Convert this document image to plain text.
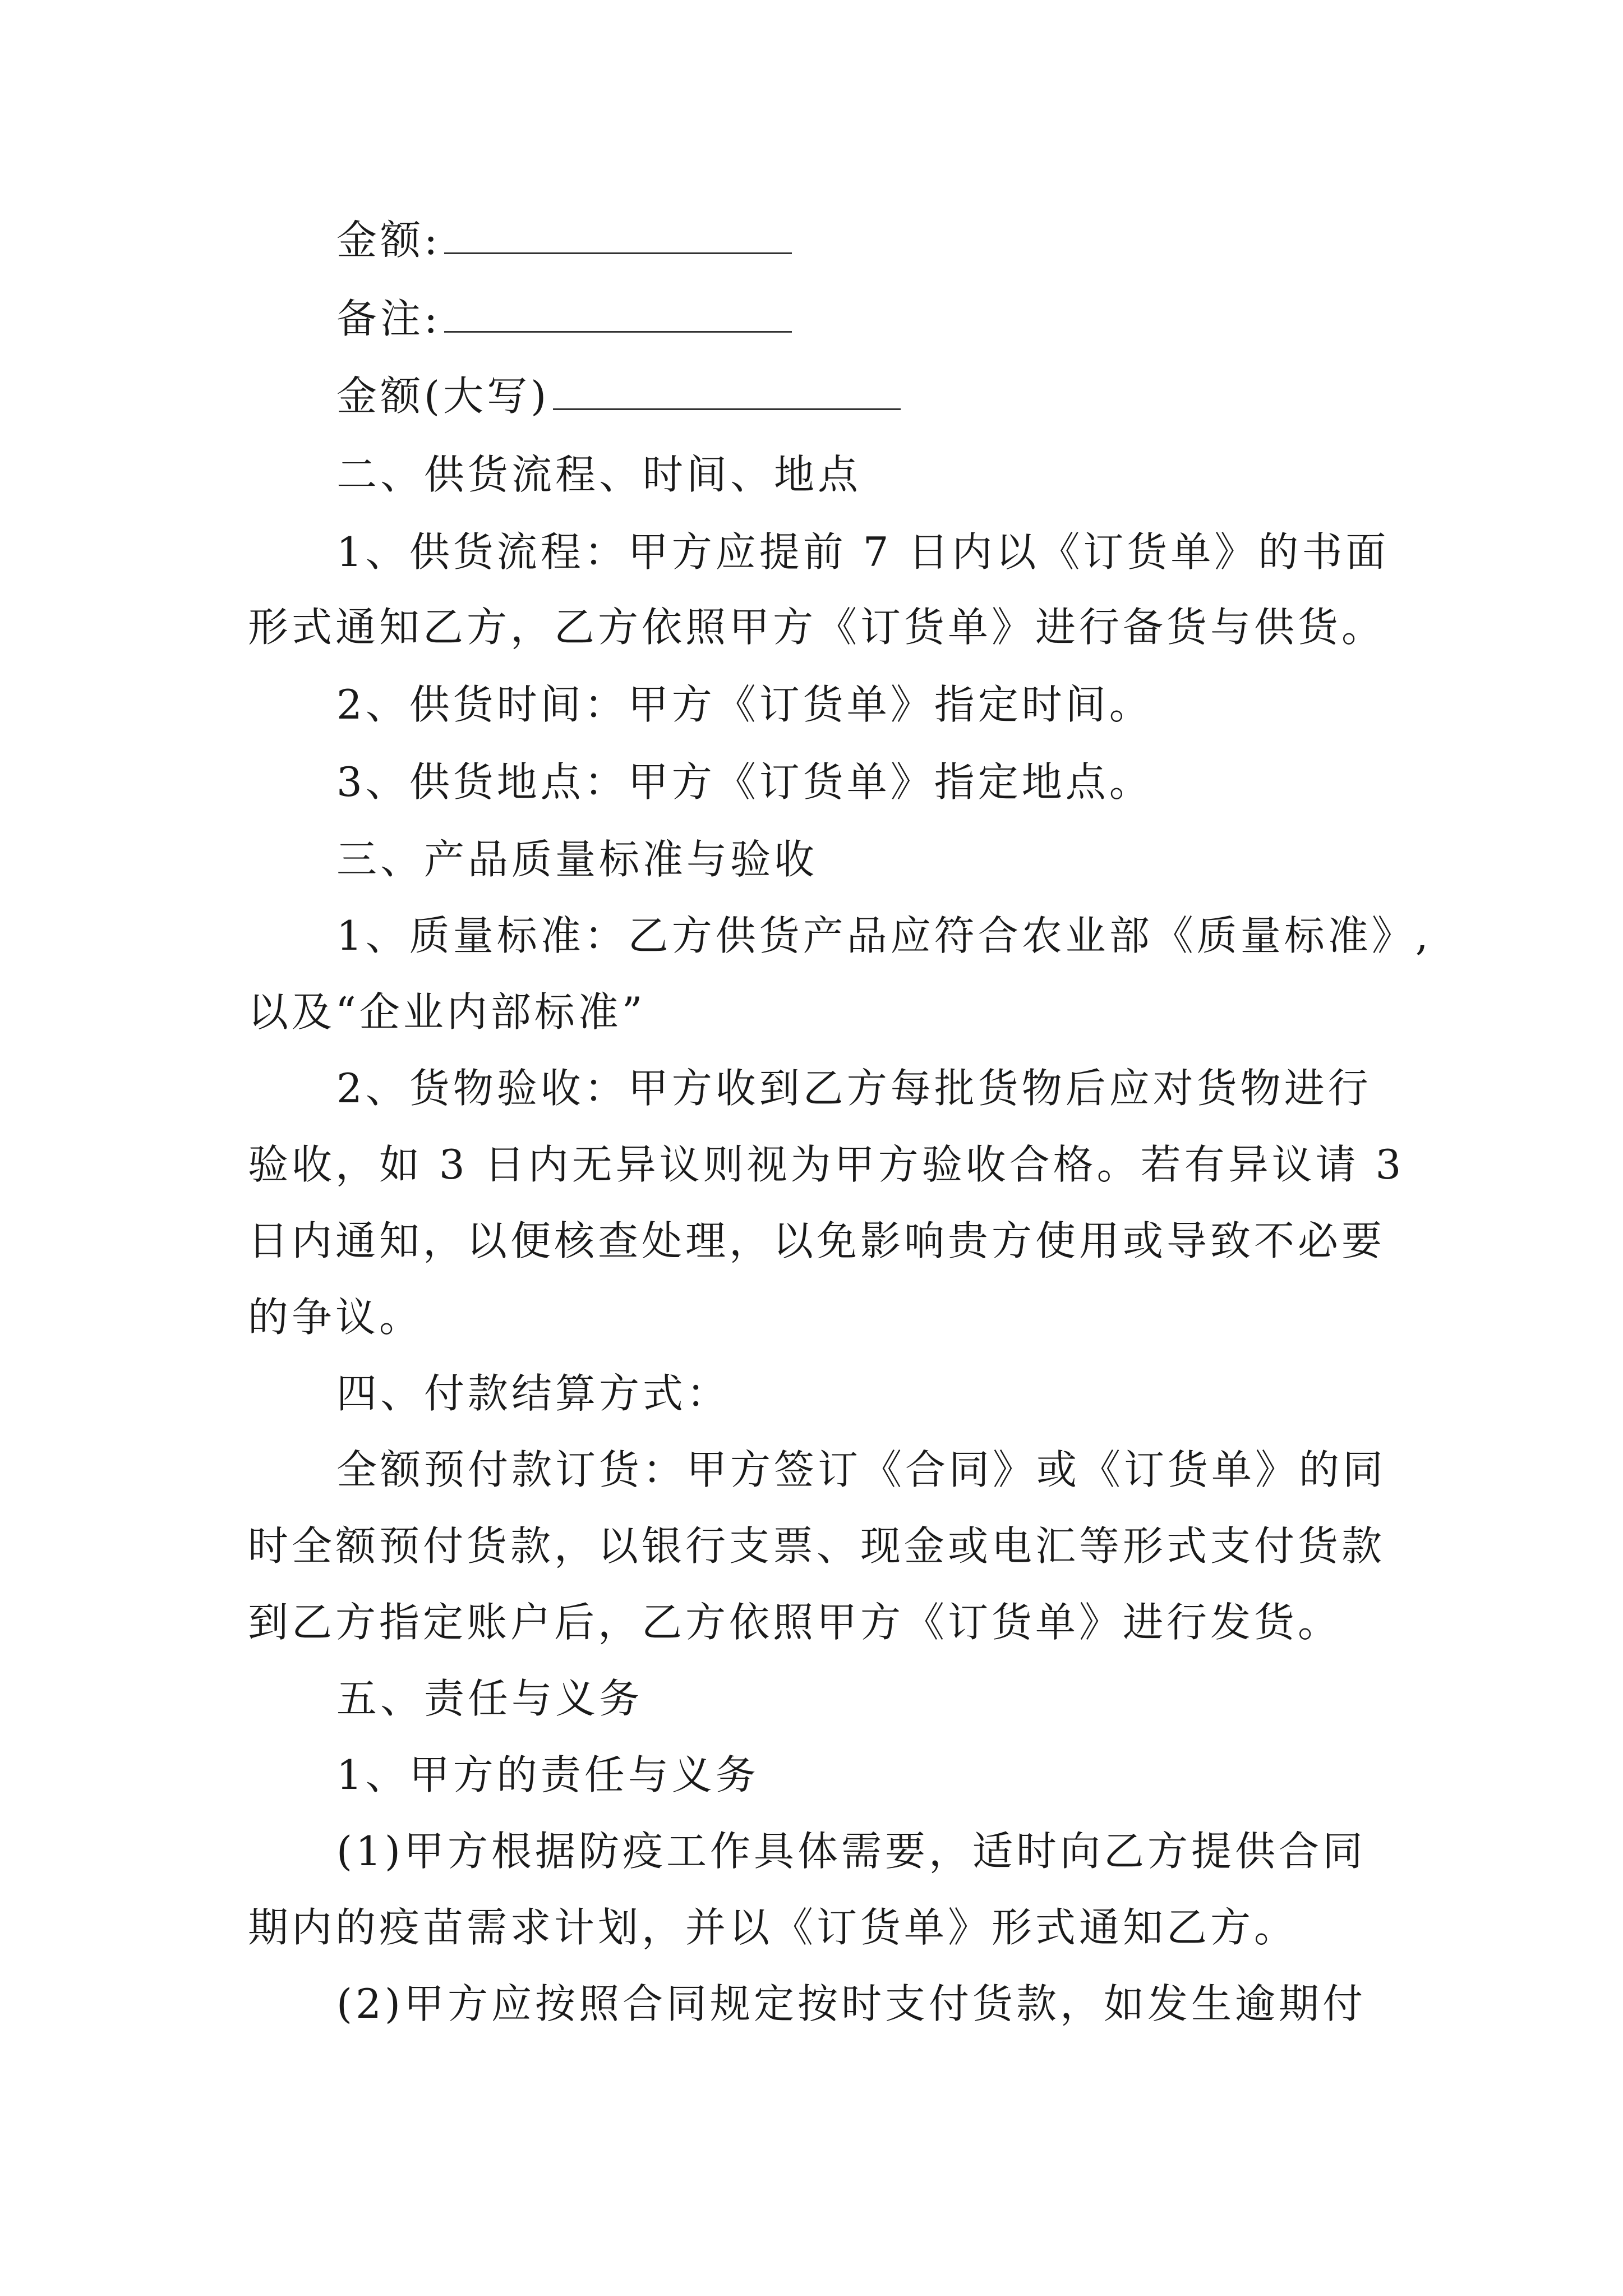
金额:
备注:
金额(大写)
二、供货流程、时间、地点
1、供货流程：甲方应提前 7 日内以《订货单》的书面
形式通知乙方，乙方依照甲方《订货单》进行备货与供货。
2、供货时间：甲方《订货单》指定时间。
3、供货地点：甲方《订货单》指定地点。
三、产品质量标准与验收
1、质量标准：乙方供货产品应符合农业部《质量标准》,
以及“企业内部标准”
2、货物验收：甲方收到乙方每批货物后应对货物进行
验收，如 3 日内无异议则视为甲方验收合格。若有异议请 3
日内通知，以便核查处理，以免影响贵方使用或导致不必要
的争议。
四、付款结算方式：
全额预付款订货：甲方签订《合同》或《订货单》的同
时全额预付货款，以银行支票、现金或电汇等形式支付货款
到乙方指定账户后，乙方依照甲方《订货单》进行发货。
五、责任与义务
1、甲方的责任与义务
(1)甲方根据防疫工作具体需要，适时向乙方提供合同
期内的疫苗需求计划，并以《订货单》形式通知乙方。
(2)甲方应按照合同规定按时支付货款，如发生逾期付
